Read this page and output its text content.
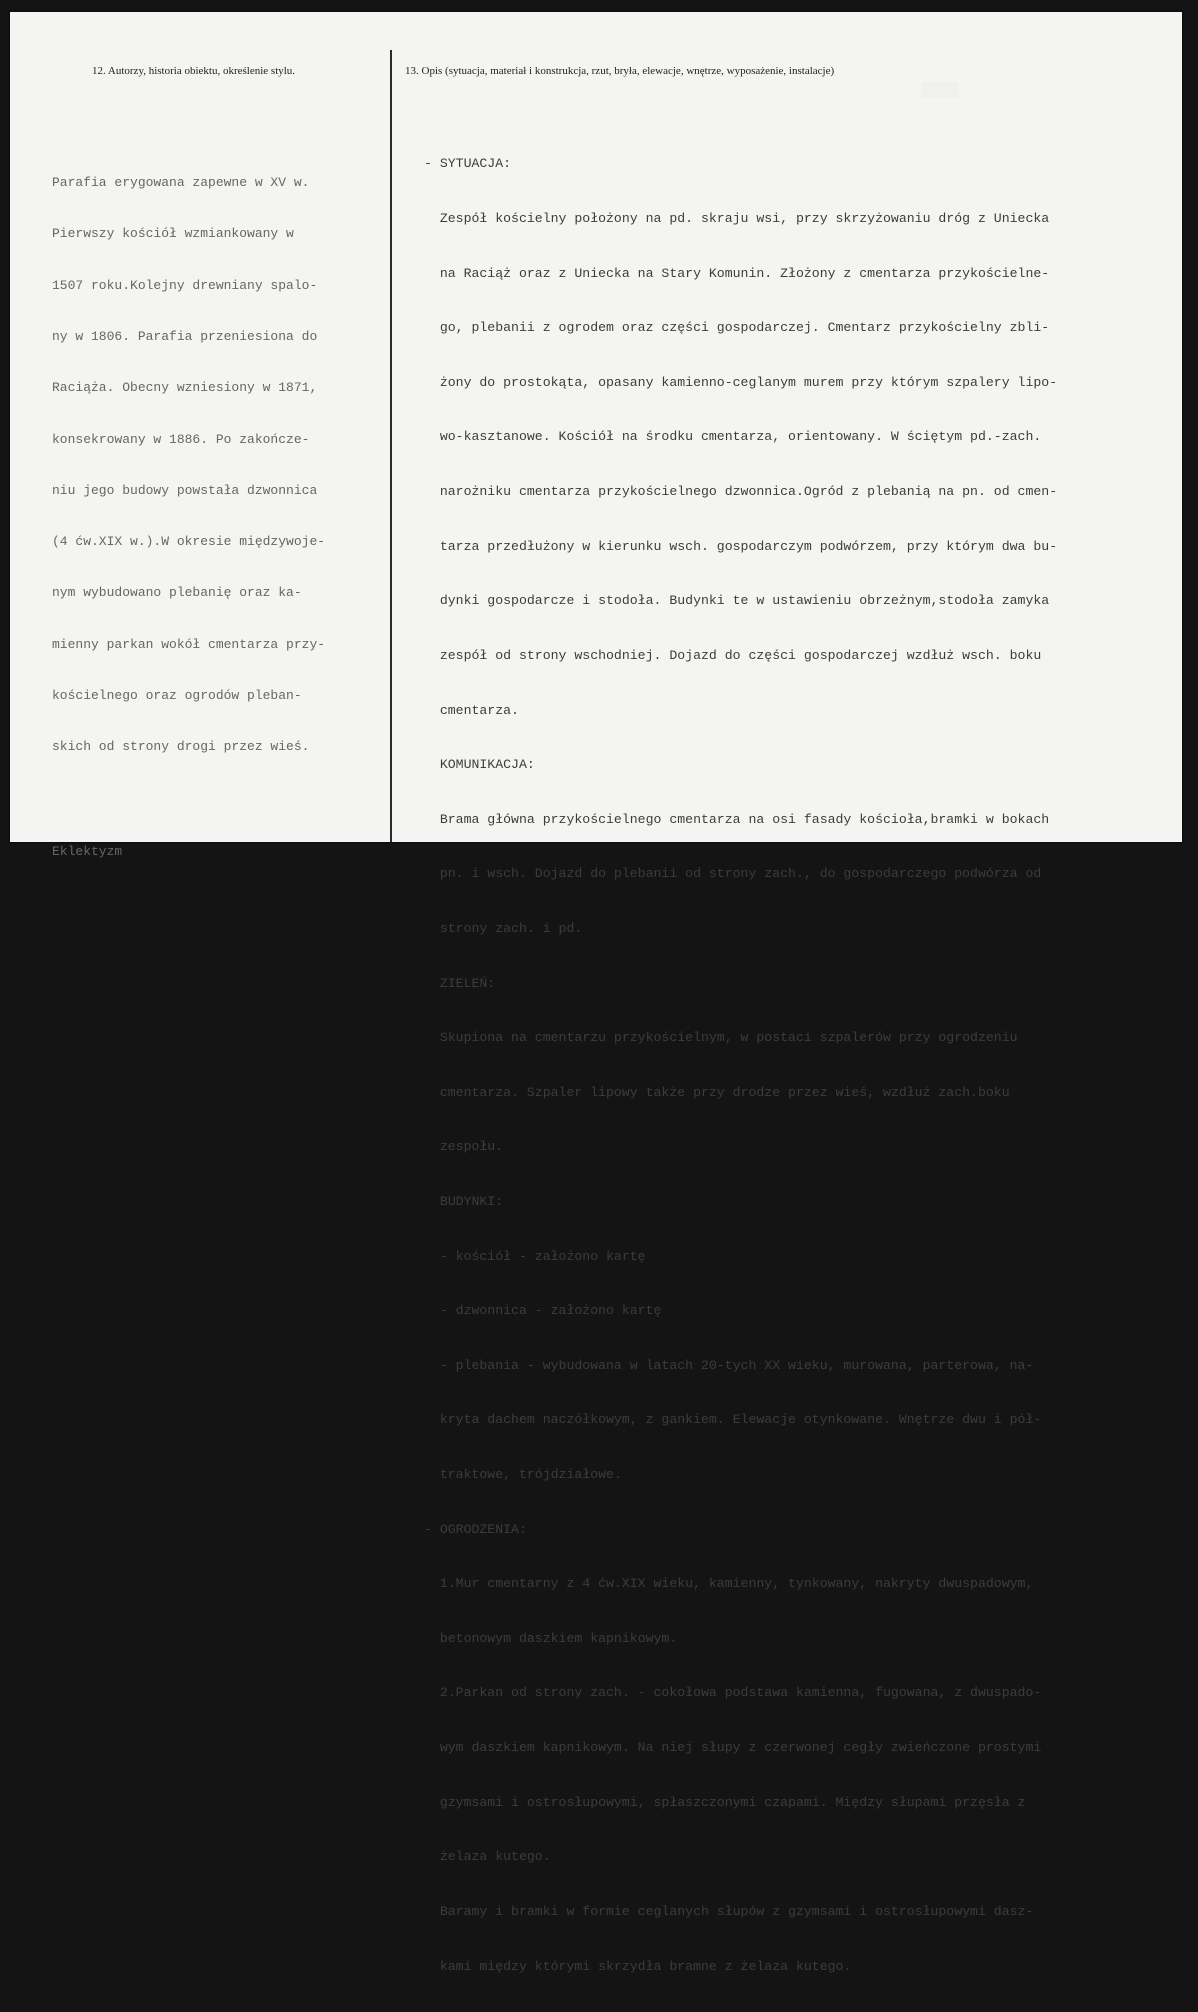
12. Autorzy, historia obiektu, określenie stylu.

Parafia erygowana zapewne w XV w.

Pierwszy kościół wzmiankowany w

1507 roku.Kolejny drewniany spalo-

ny w 1806. Parafia przeniesiona do

Raciąża. Obecny wzniesiony w 1871,

konsekrowany w 1886. Po zakończe-

niu jego budowy powstała dzwonnica

(4 ćw.XIX w.).W okresie międzywoje-

nym wybudowano plebanię oraz ka-

mienny parkan wokół cmentarza przy-

kościelnego oraz ogrodów pleban-

skich od strony drogi przez wieś.

Eklektyzm

13. Opis (sytuacja, materiał i konstrukcja, rzut, bryła, elewacje, wnętrze, wyposażenie, instalacje)

- SYTUACJA:

Zespół kościelny położony na pd. skraju wsi, przy skrzyżowaniu dróg z Uniecka

na Raciąż oraz z Uniecka na Stary Komunin. Złożony z cmentarza przykościelne-

go, plebanii z ogrodem oraz części gospodarczej. Cmentarz przykościelny zbli-

żony do prostokąta, opasany kamienno-ceglanym murem przy którym szpalery lipo-

wo-kasztanowe. Kościół na środku cmentarza, orientowany. W ściętym pd.-zach.

narożniku cmentarza przykościelnego dzwonnica.Ogród z plebanią na pn. od cmen-

tarza przedłużony w kierunku wsch. gospodarczym podwórzem, przy którym dwa bu-

dynki gospodarcze i stodoła. Budynki te w ustawieniu obrzeżnym,stodoła zamyka

zespół od strony wschodniej. Dojazd do części gospodarczej wzdłuż wsch. boku

cmentarza.

KOMUNIKACJA:

Brama główna przykościelnego cmentarza na osi fasady kościoła,bramki w bokach

pn. i wsch. Dojazd do plebanii od strony zach., do gospodarczego podwórza od

strony zach. i pd.

ZIELEŃ:

Skupiona na cmentarzu przykościelnym, w postaci szpalerów przy ogrodzeniu

cmentarza. Szpaler lipowy także przy drodze przez wieś, wzdłuż zach.boku

zespołu.

BUDYNKI:

- kościół - założono kartę

- dzwonnica - założono kartę

- plebania - wybudowana w latach 20-tych XX wieku, murowana, parterowa, na-

kryta dachem naczółkowym, z gankiem. Elewacje otynkowane. Wnętrze dwu i pół-

traktowe, trójdziałowe.

- OGRODZENIA:

1.Mur cmentarny z 4 ćw.XIX wieku, kamienny, tynkowany, nakryty dwuspadowym,

betonowym daszkiem kapnikowym.

2.Parkan od strony zach. - cokołowa podstawa kamienna, fugowana, z dwuspado-

wym daszkiem kapnikowym. Na niej słupy z czerwonej cegły zwieńczone prostymi

gzymsami i ostrosłupowymi, spłaszczonymi czapami. Między słupami przęsła z

żelaza kutego.

Baramy i bramki w formie ceglanych słupów z gzymsami i ostrosłupowymi dasz-

kami między którymi skrzydła bramne z żelaza kutego.
